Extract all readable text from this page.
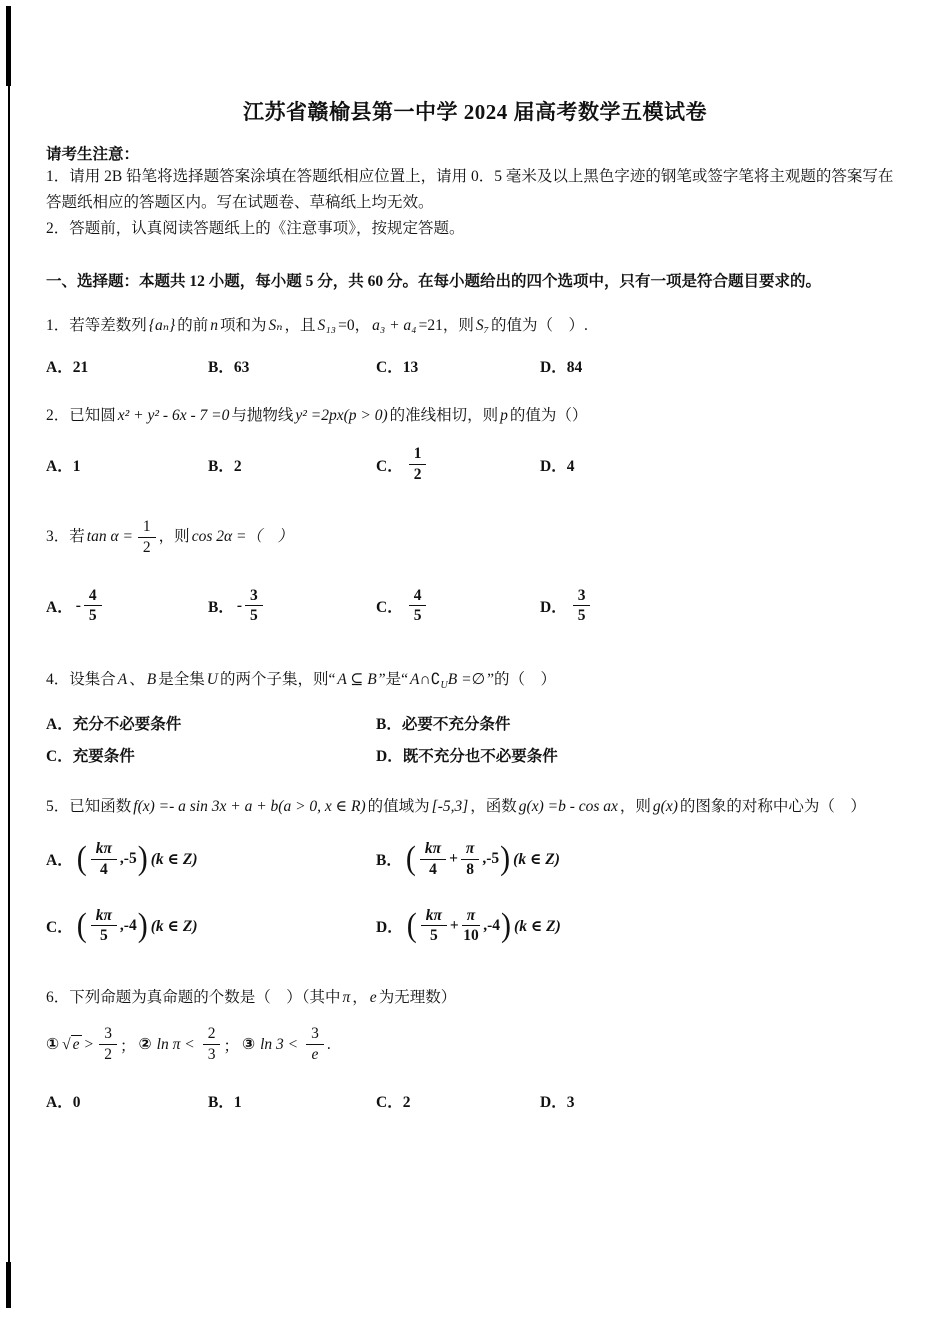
江苏省赣榆县第一中学 2024 届高考数学五模试卷

请考生注意：

1．请用 2B 铅笔将选择题答案涂填在答题纸相应位置上，请用 0．5 毫米及以上黑色字迹的钢笔或签字笔将主观题的答案写在答题纸相应的答题区内。写在试题卷、草稿纸上均无效。

2．答题前，认真阅读答题纸上的《注意事项》，按规定答题。

一、选择题：本题共 12 小题，每小题 5 分，共 60 分。在每小题给出的四个选项中，只有一项是符合题目要求的。

1．若等差数列 {aₙ} 的前 n 项和为 Sₙ ，且 S₁₃ =0， a₃ + a₄ =21，则 S₇ 的值为（　）.

A．21	B．63	C．13	D．84

2．已知圆 x² + y² - 6x - 7 =0 与抛物线 y² =2px(p > 0) 的准线相切，则 p 的值为（）

A．1	B．2	C． $\frac{1}{2}$	D．4

3．若 $\tan \alpha = \frac{1}{2}$ ，则 cos 2α =（　）

A． - $\frac{4}{5}$	B． - $\frac{3}{5}$	C． $\frac{4}{5}$	D． $\frac{3}{5}$

4．设集合 A 、 B 是全集 U 的两个子集，则“ A ⊆ B ”是“ $A\cap∁_UB$ =∅ ”的（　）

A．充分不必要条件	B．必要不充分条件
C．充要条件	D．既不充分也不必要条件

5．已知函数 f(x) =- a sin 3x + a + b(a > 0, x ∈ R) 的值域为 [-5,3] ，函数 g(x) =b - cos ax ，则 g(x) 的图象的对称中心为（　）

A． ( $\frac{k\pi}{4} ,-5$ ) (k ∈ Z)	B． ( $\frac{k\pi}{4} + \frac{\pi}{8} ,-5$ ) (k ∈ Z)
C． ( $\frac{k\pi}{5} ,-4$ ) (k ∈ Z)	D． ( $\frac{k\pi}{5} + \frac{\pi}{10} ,-4$ ) (k ∈ Z)

6．下列命题为真命题的个数是（　）（其中 π ， e 为无理数）

① √ $e > \frac{3}{2}$ ； ② $\ln \pi < \frac{2}{3}$ ； ③ $\ln 3 < \frac{3}{e}$ .
A．0	B．1	C．2	D．3
